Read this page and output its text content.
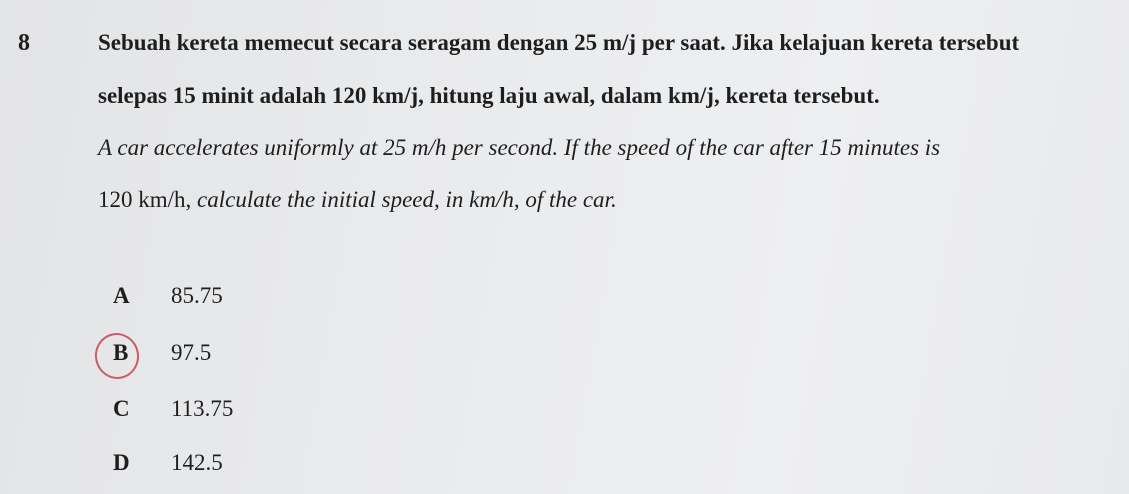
8	Sebuah kereta memecut secara seragam dengan 25 m/j per saat. Jika kelajuan kereta tersebut
selepas 15 minit adalah 120 km/j, hitung laju awal, dalam km/j, kereta tersebut.
A car accelerates uniformly at 25 m/h per second. If the speed of the car after 15 minutes is
120 km/h, calculate the initial speed, in km/h, of the car.
A 85.75
B 97.5
C 113.75
D 142.5
